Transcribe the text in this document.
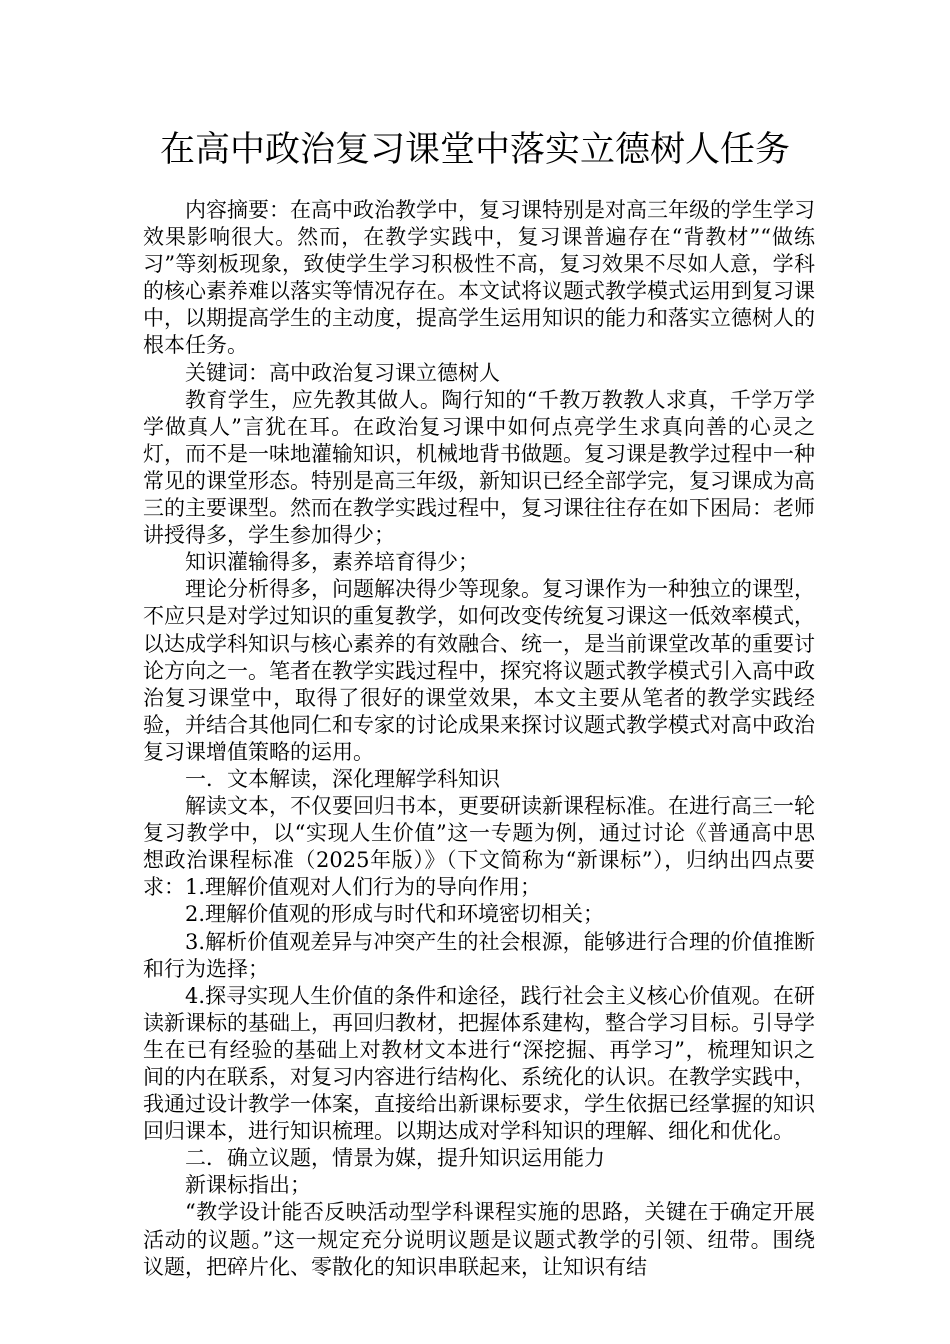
在高中政治复习课堂中落实立德树人任务

内容摘要：在高中政治教学中，复习课特别是对高三年级的学生学习效果影响很大。然而，在教学实践中，复习课普遍存在“背教材”“做练习”等刻板现象，致使学生学习积极性不高，复习效果不尽如人意，学科的核心素养难以落实等情况存在。本文试将议题式教学模式运用到复习课中，以期提高学生的主动度，提高学生运用知识的能力和落实立德树人的根本任务。

关键词：高中政治复习课立德树人

教育学生，应先教其做人。陶行知的“千教万教教人求真，千学万学学做真人”言犹在耳。在政治复习课中如何点亮学生求真向善的心灵之灯，而不是一味地灌输知识，机械地背书做题。复习课是教学过程中一种常见的课堂形态。特别是高三年级，新知识已经全部学完，复习课成为高三的主要课型。然而在教学实践过程中，复习课往往存在如下困局：老师讲授得多，学生参加得少；

知识灌输得多，素养培育得少；

理论分析得多，问题解决得少等现象。复习课作为一种独立的课型，不应只是对学过知识的重复教学，如何改变传统复习课这一低效率模式，以达成学科知识与核心素养的有效融合、统一，是当前课堂改革的重要讨论方向之一。笔者在教学实践过程中，探究将议题式教学模式引入高中政治复习课堂中，取得了很好的课堂效果，本文主要从笔者的教学实践经验，并结合其他同仁和专家的讨论成果来探讨议题式教学模式对高中政治复习课增值策略的运用。

一．文本解读，深化理解学科知识

解读文本，不仅要回归书本，更要研读新课程标准。在进行高三一轮复习教学中，以“实现人生价值”这一专题为例，通过讨论《普通高中思想政治课程标准（2025年版）》（下文简称为“新课标”），归纳出四点要求：1.理解价值观对人们行为的导向作用；

2.理解价值观的形成与时代和环境密切相关；

3.解析价值观差异与冲突产生的社会根源，能够进行合理的价值推断和行为选择；

4.探寻实现人生价值的条件和途径，践行社会主义核心价值观。在研读新课标的基础上，再回归教材，把握体系建构，整合学习目标。引导学生在已有经验的基础上对教材文本进行“深挖掘、再学习”，梳理知识之间的内在联系，对复习内容进行结构化、系统化的认识。在教学实践中，我通过设计教学一体案，直接给出新课标要求，学生依据已经掌握的知识回归课本，进行知识梳理。以期达成对学科知识的理解、细化和优化。

二．确立议题，情景为媒，提升知识运用能力

新课标指出；

“教学设计能否反映活动型学科课程实施的思路，关键在于确定开展活动的议题。”这一规定充分说明议题是议题式教学的引领、纽带。围绕议题，把碎片化、零散化的知识串联起来，让知识有结
